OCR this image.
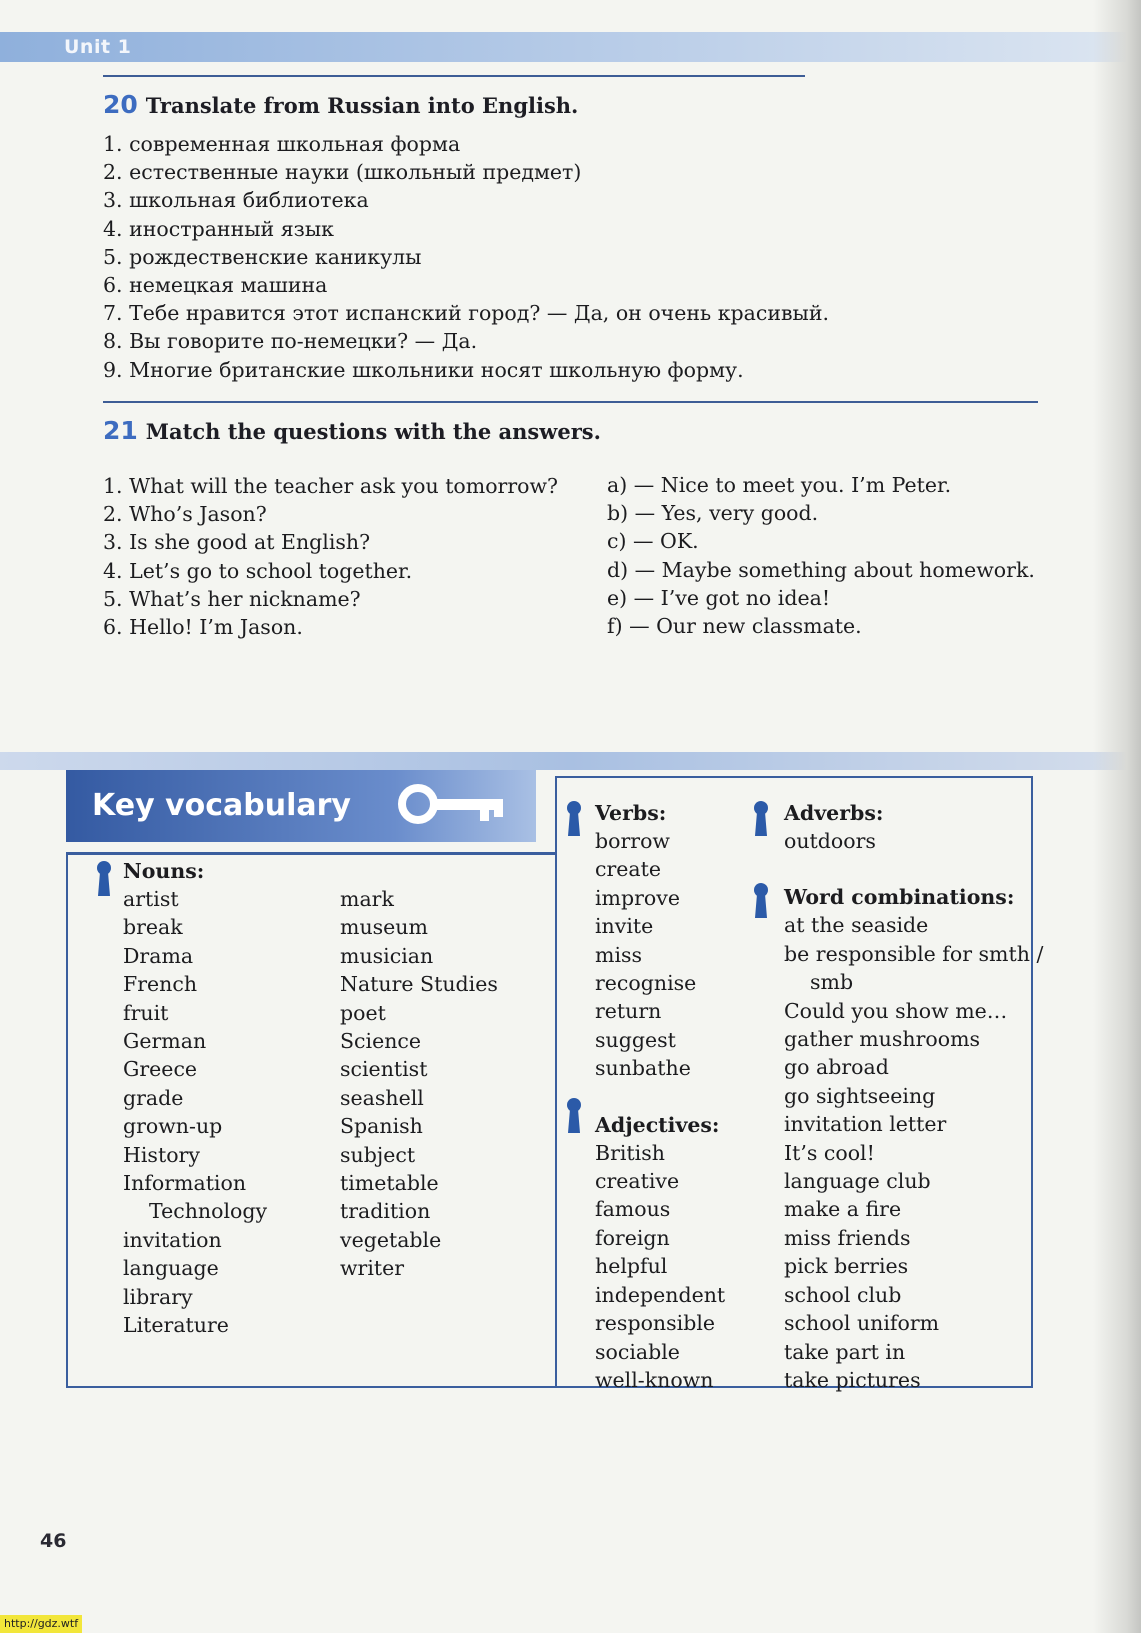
Unit 1
20 Translate from Russian into English.
1. современная школьная форма
2. естественные науки (школьный предмет)
3. школьная библиотека
4. иностранный язык
5. рождественские каникулы
6. немецкая машина
7. Тебе нравится этот испанский город? — Да, он очень красивый.
8. Вы говорите по-немецки? — Да.
9. Многие британские школьники носят школьную форму.
21 Match the questions with the answers.
1. What will the teacher ask you tomorrow?
2. Who’s Jason?
3. Is she good at English?
4. Let’s go to school together.
5. What’s her nickname?
6. Hello! I’m Jason.
a) — Nice to meet you. I’m Peter.
b) — Yes, very good.
c) — OK.
d) — Maybe something about homework.
e) — I’ve got no idea!
f) — Our new classmate.
Key vocabulary
Nouns:
artist
break
Drama
French
fruit
German
Greece
grade
grown-up
History
Information
Technology
invitation
language
library
Literature
mark
museum
musician
Nature Studies
poet
Science
scientist
seashell
Spanish
subject
timetable
tradition
vegetable
writer
Verbs:
borrow
create
improve
invite
miss
recognise
return
suggest
sunbathe
Adjectives:
British
creative
famous
foreign
helpful
independent
responsible
sociable
well-known
Adverbs:
outdoors
Word combinations:
at the seaside
be responsible for smth /
smb
Could you show me…
gather mushrooms
go abroad
go sightseeing
invitation letter
It’s cool!
language club
make a fire
miss friends
pick berries
school club
school uniform
take part in
take pictures
46
http://gdz.wtf
